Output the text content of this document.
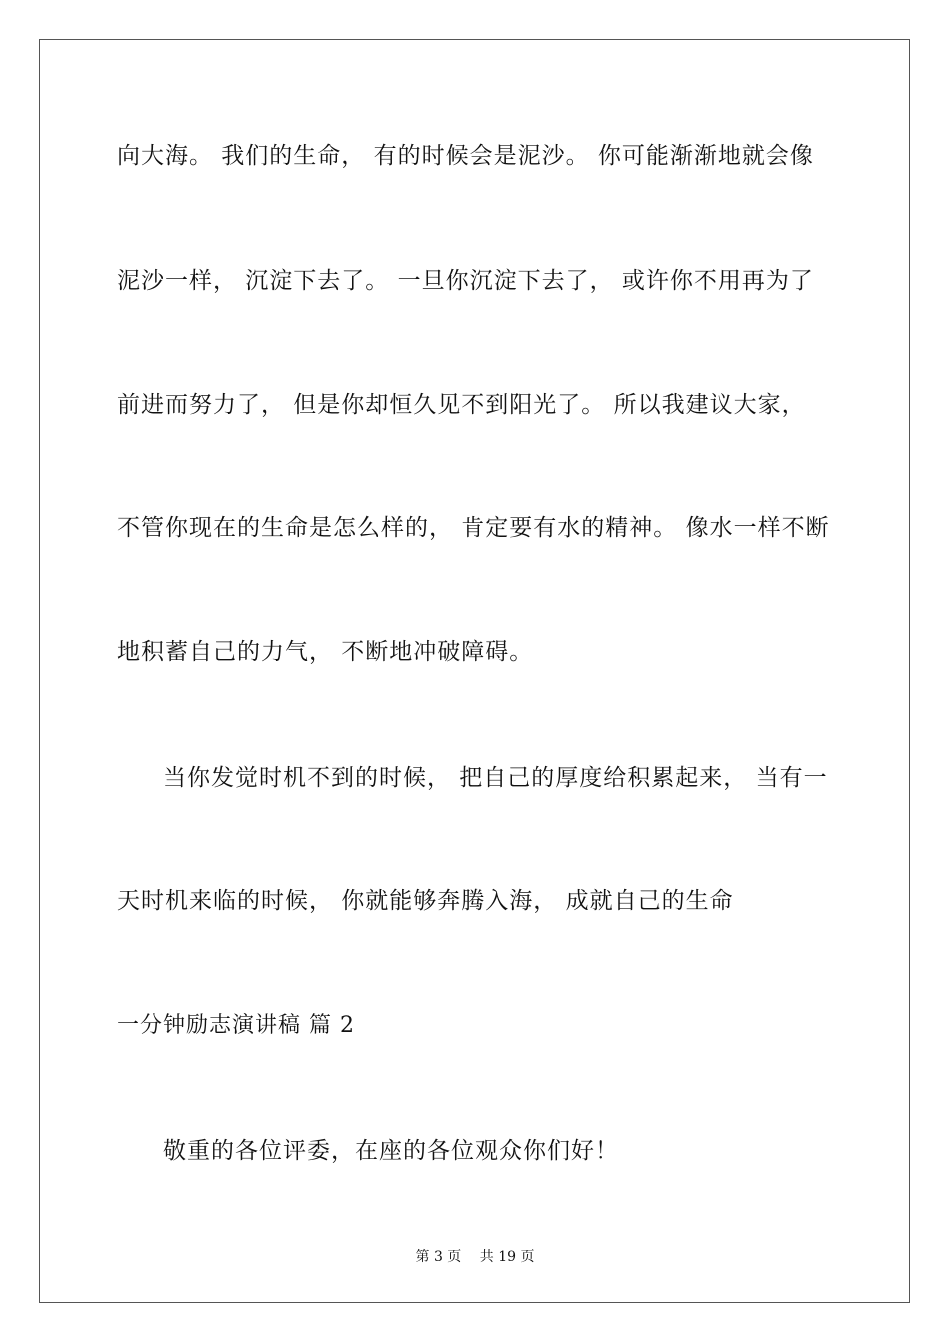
向大海。 我们的生命， 有的时候会是泥沙。 你可能渐渐地就会像
泥沙一样， 沉淀下去了。 一旦你沉淀下去了， 或许你不用再为了
前进而努力了， 但是你却恒久见不到阳光了。 所以我建议大家，
不管你现在的生命是怎么样的， 肯定要有水的精神。 像水一样不断
地积蓄自己的力气， 不断地冲破障碍。
当你发觉时机不到的时候， 把自己的厚度给积累起来， 当有一
天时机来临的时候， 你就能够奔腾入海， 成就自己的生命
一分钟励志演讲稿 篇 2
敬重的各位评委，在座的各位观众你们好！
第 3 页　 共 19 页
